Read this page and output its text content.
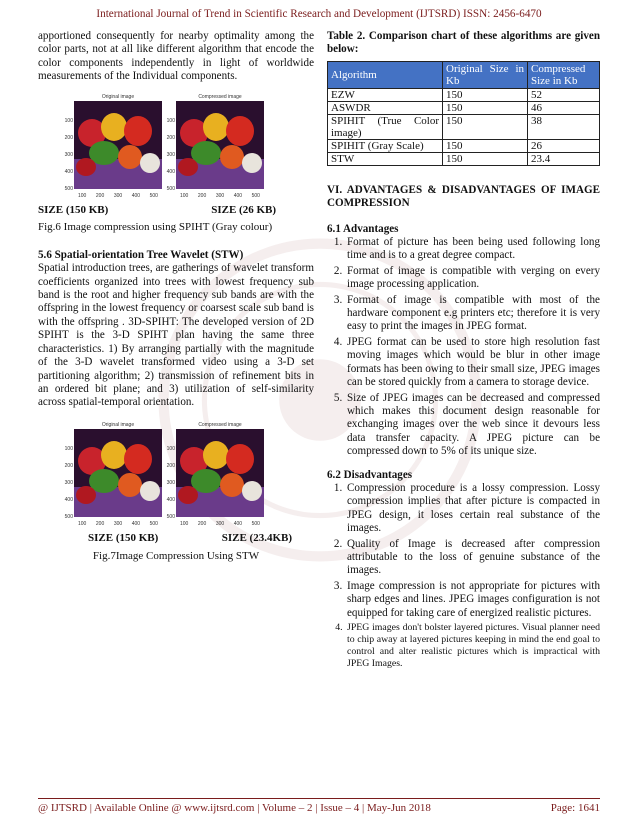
International Journal of Trend in Scientific Research and Development (IJTSRD) ISSN: 2456-6470

apportioned consequently for nearby optimality among the color parts, not at all like different algorithm that encode the color components independently in light of worldwide measurements of the Individual components.

Original image
100
200
300
400
500
100 200 300 400 500
Compressed image
100
200
300
400
500
100 200 300 400 500
SIZE (150 KB)	SIZE (26 KB)
Fig.6 Image compression using SPIHT (Gray colour)

5.6 Spatial-orientation Tree Wavelet (STW)

Spatial introduction trees, are gatherings of wavelet transform coefficients organized into trees with lowest frequency sub band is the root and higher frequency sub bands are with the offspring in the lowest frequency or coarsest scale sub band is with the offspring . 3D-SPIHT: The developed version of 2D SPIHT is the 3-D SPIHT plan having the same three characteristics. 1) By arranging partially with the magnitude of the 3-D wavelet transformed video using a 3-D set partitioning algorithm; 2) transmission of refinement bits in an ordered bit plane; and 3) utilization of self-similarity across spatial-temporal orientation.

Original image
100
200
300
400
500
100 200 300 400 500
Compressed image
100
200
300
400
500
100 200 300 400 500
SIZE (150 KB)	SIZE (23.4KB)
Fig.7Image Compression Using STW

Table 2. Comparison chart of these algorithms are given below:

Algorithm	Original Size in Kb	Compressed Size in Kb
EZW	150	52
ASWDR	150	46
SPIHIT (True Color image)	150	38
SPIHIT (Gray Scale)	150	26
STW	150	23.4

VI. ADVANTAGES & DISADVANTAGES OF IMAGE COMPRESSION

6.1 Advantages

1. Format of picture has been being used following long time and is to a great degree compact.
2. Format of image is compatible with verging on every image processing application.
3. Format of image is compatible with most of the hardware component e.g printers etc; therefore it is very easy to print the images in JPEG format.
4. JPEG format can be used to store high resolution fast moving images which would be blur in other image formats has been owing to their small size, JPEG images can be stored quickly from a camera to storage device.
5. Size of JPEG images can be decreased and compressed which makes this document design reasonable for exchanging images over the web since it devours less data transfer capacity. A JPEG picture can be compressed down to 5% of its unique size.

6.2 Disadvantages

1. Compression procedure is a lossy compression. Lossy compression implies that after picture is compacted in JPEG design, it loses certain real substance of the images.
2. Quality of Image is decreased after compression attributable to the loss of genuine substance of the images.
3. Image compression is not appropriate for pictures with sharp edges and lines. JPEG images configuration is not equipped for taking care of energized realistic pictures.
4. JPEG images don't bolster layered pictures. Visual planner need to chip away at layered pictures keeping in mind the end goal to control and alter realistic pictures which is impractical with JPEG Images.
@ IJTSRD | Available Online @ www.ijtsrd.com | Volume – 2 | Issue – 4 | May-Jun 2018	Page: 1641
